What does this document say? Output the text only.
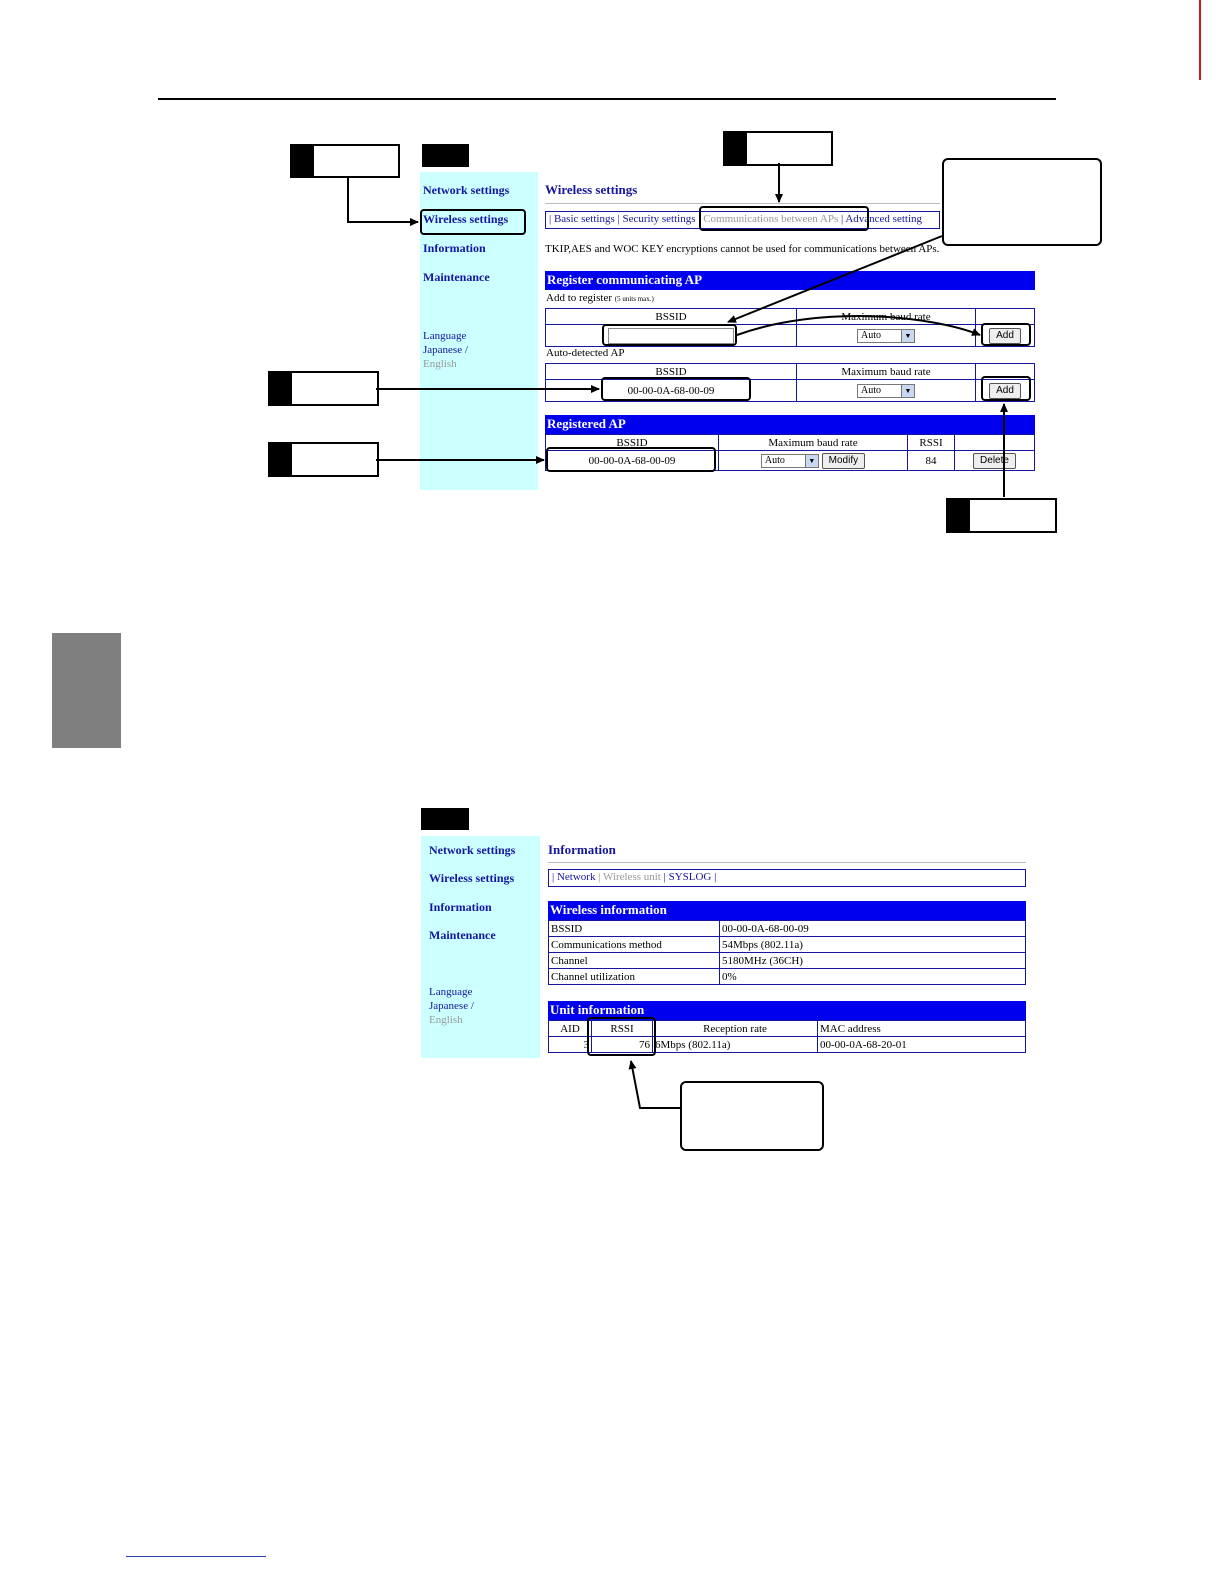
Network settings
Wireless settings
Information
Maintenance
Language
Japanese /
English
Wireless settings
| Basic settings | Security settings | Communications between APs | Advanced setting
TKIP,AES and WOC KEY encryptions cannot be used for communications between APs.
Register communicating AP
Add to register (5 units max.)
BSSID	Maximum baud rate	
	Auto ▼	Add
Auto-detected AP
BSSID	Maximum baud rate	
00-00-0A-68-00-09	Auto ▼	Add
Registered AP
BSSID	Maximum baud rate	RSSI	
00-00-0A-68-00-09	Auto ▼ Modify	84	Delete
Network settings
Wireless settings
Information
Maintenance
Language
Japanese /
English
Information
| Network | Wireless unit | SYSLOG |
Wireless information
BSSID	00-00-0A-68-00-09
Communications method	54Mbps (802.11a)
Channel	5180MHz (36CH)
Channel utilization	0%
Unit information
AID	RSSI	Reception rate	MAC address
3	76	6Mbps (802.11a)	00-00-0A-68-20-01
